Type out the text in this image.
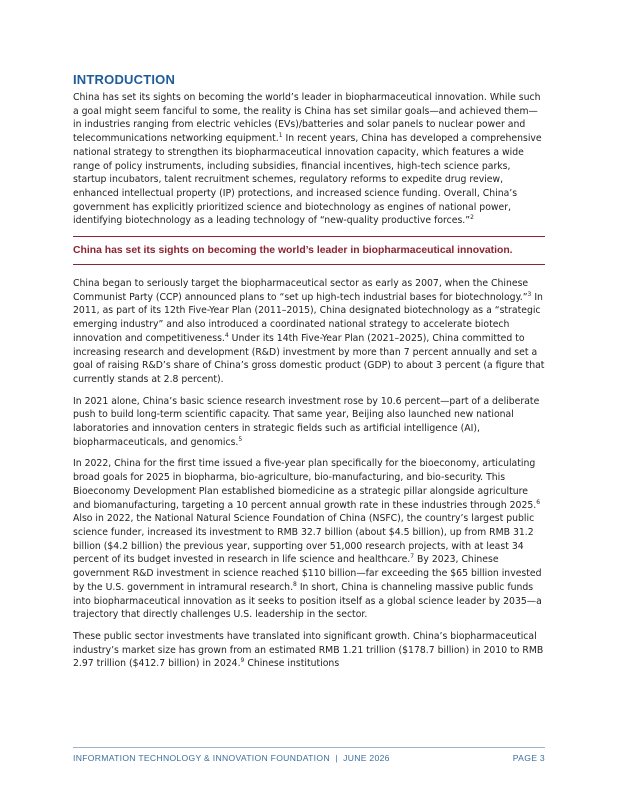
INTRODUCTION

China has set its sights on becoming the world’s leader in biopharmaceutical innovation. While such a goal might seem fanciful to some, the reality is China has set similar goals—and achieved them—in industries ranging from electric vehicles (EVs)/batteries and solar panels to nuclear power and telecommunications networking equipment.$^1$ In recent years, China has developed a comprehensive national strategy to strengthen its biopharmaceutical innovation capacity, which features a wide range of policy instruments, including subsidies, financial incentives, high-tech science parks, startup incubators, talent recruitment schemes, regulatory reforms to expedite drug review, enhanced intellectual property (IP) protections, and increased science funding. Overall, China’s government has explicitly prioritized science and biotechnology as engines of national power, identifying biotechnology as a leading technology of “new-quality productive forces.”$^2$

China has set its sights on becoming the world’s leader in biopharmaceutical innovation.

China began to seriously target the biopharmaceutical sector as early as 2007, when the Chinese Communist Party (CCP) announced plans to “set up high-tech industrial bases for biotechnology.”$^3$ In 2011, as part of its 12th Five-Year Plan (2011–2015), China designated biotechnology as a “strategic emerging industry” and also introduced a coordinated national strategy to accelerate biotech innovation and competitiveness.$^4$ Under its 14th Five-Year Plan (2021–2025), China committed to increasing research and development (R&D) investment by more than 7 percent annually and set a goal of raising R&D’s share of China’s gross domestic product (GDP) to about 3 percent (a figure that currently stands at 2.8 percent).

In 2021 alone, China’s basic science research investment rose by 10.6 percent—part of a deliberate push to build long-term scientific capacity. That same year, Beijing also launched new national laboratories and innovation centers in strategic fields such as artificial intelligence (AI), biopharmaceuticals, and genomics.$^5$

In 2022, China for the first time issued a five-year plan specifically for the bioeconomy, articulating broad goals for 2025 in biopharma, bio-agriculture, bio-manufacturing, and bio-security. This Bioeconomy Development Plan established biomedicine as a strategic pillar alongside agriculture and biomanufacturing, targeting a 10 percent annual growth rate in these industries through 2025.$^6$ Also in 2022, the National Natural Science Foundation of China (NSFC), the country’s largest public science funder, increased its investment to RMB 32.7 billion (about $4.5 billion), up from RMB 31.2 billion ($4.2 billion) the previous year, supporting over 51,000 research projects, with at least 34 percent of its budget invested in research in life science and healthcare.$^7$ By 2023, Chinese government R&D investment in science reached $110 billion—far exceeding the $65 billion invested by the U.S. government in intramural research.$^8$ In short, China is channeling massive public funds into biopharmaceutical innovation as it seeks to position itself as a global science leader by 2035—a trajectory that directly challenges U.S. leadership in the sector.

These public sector investments have translated into significant growth. China’s biopharmaceutical industry’s market size has grown from an estimated RMB 1.21 trillion ($178.7 billion) in 2010 to RMB 2.97 trillion ($412.7 billion) in 2024.$^9$ Chinese institutions

INFORMATION TECHNOLOGY & INNOVATION FOUNDATION  |  JUNE 2026	PAGE 3
